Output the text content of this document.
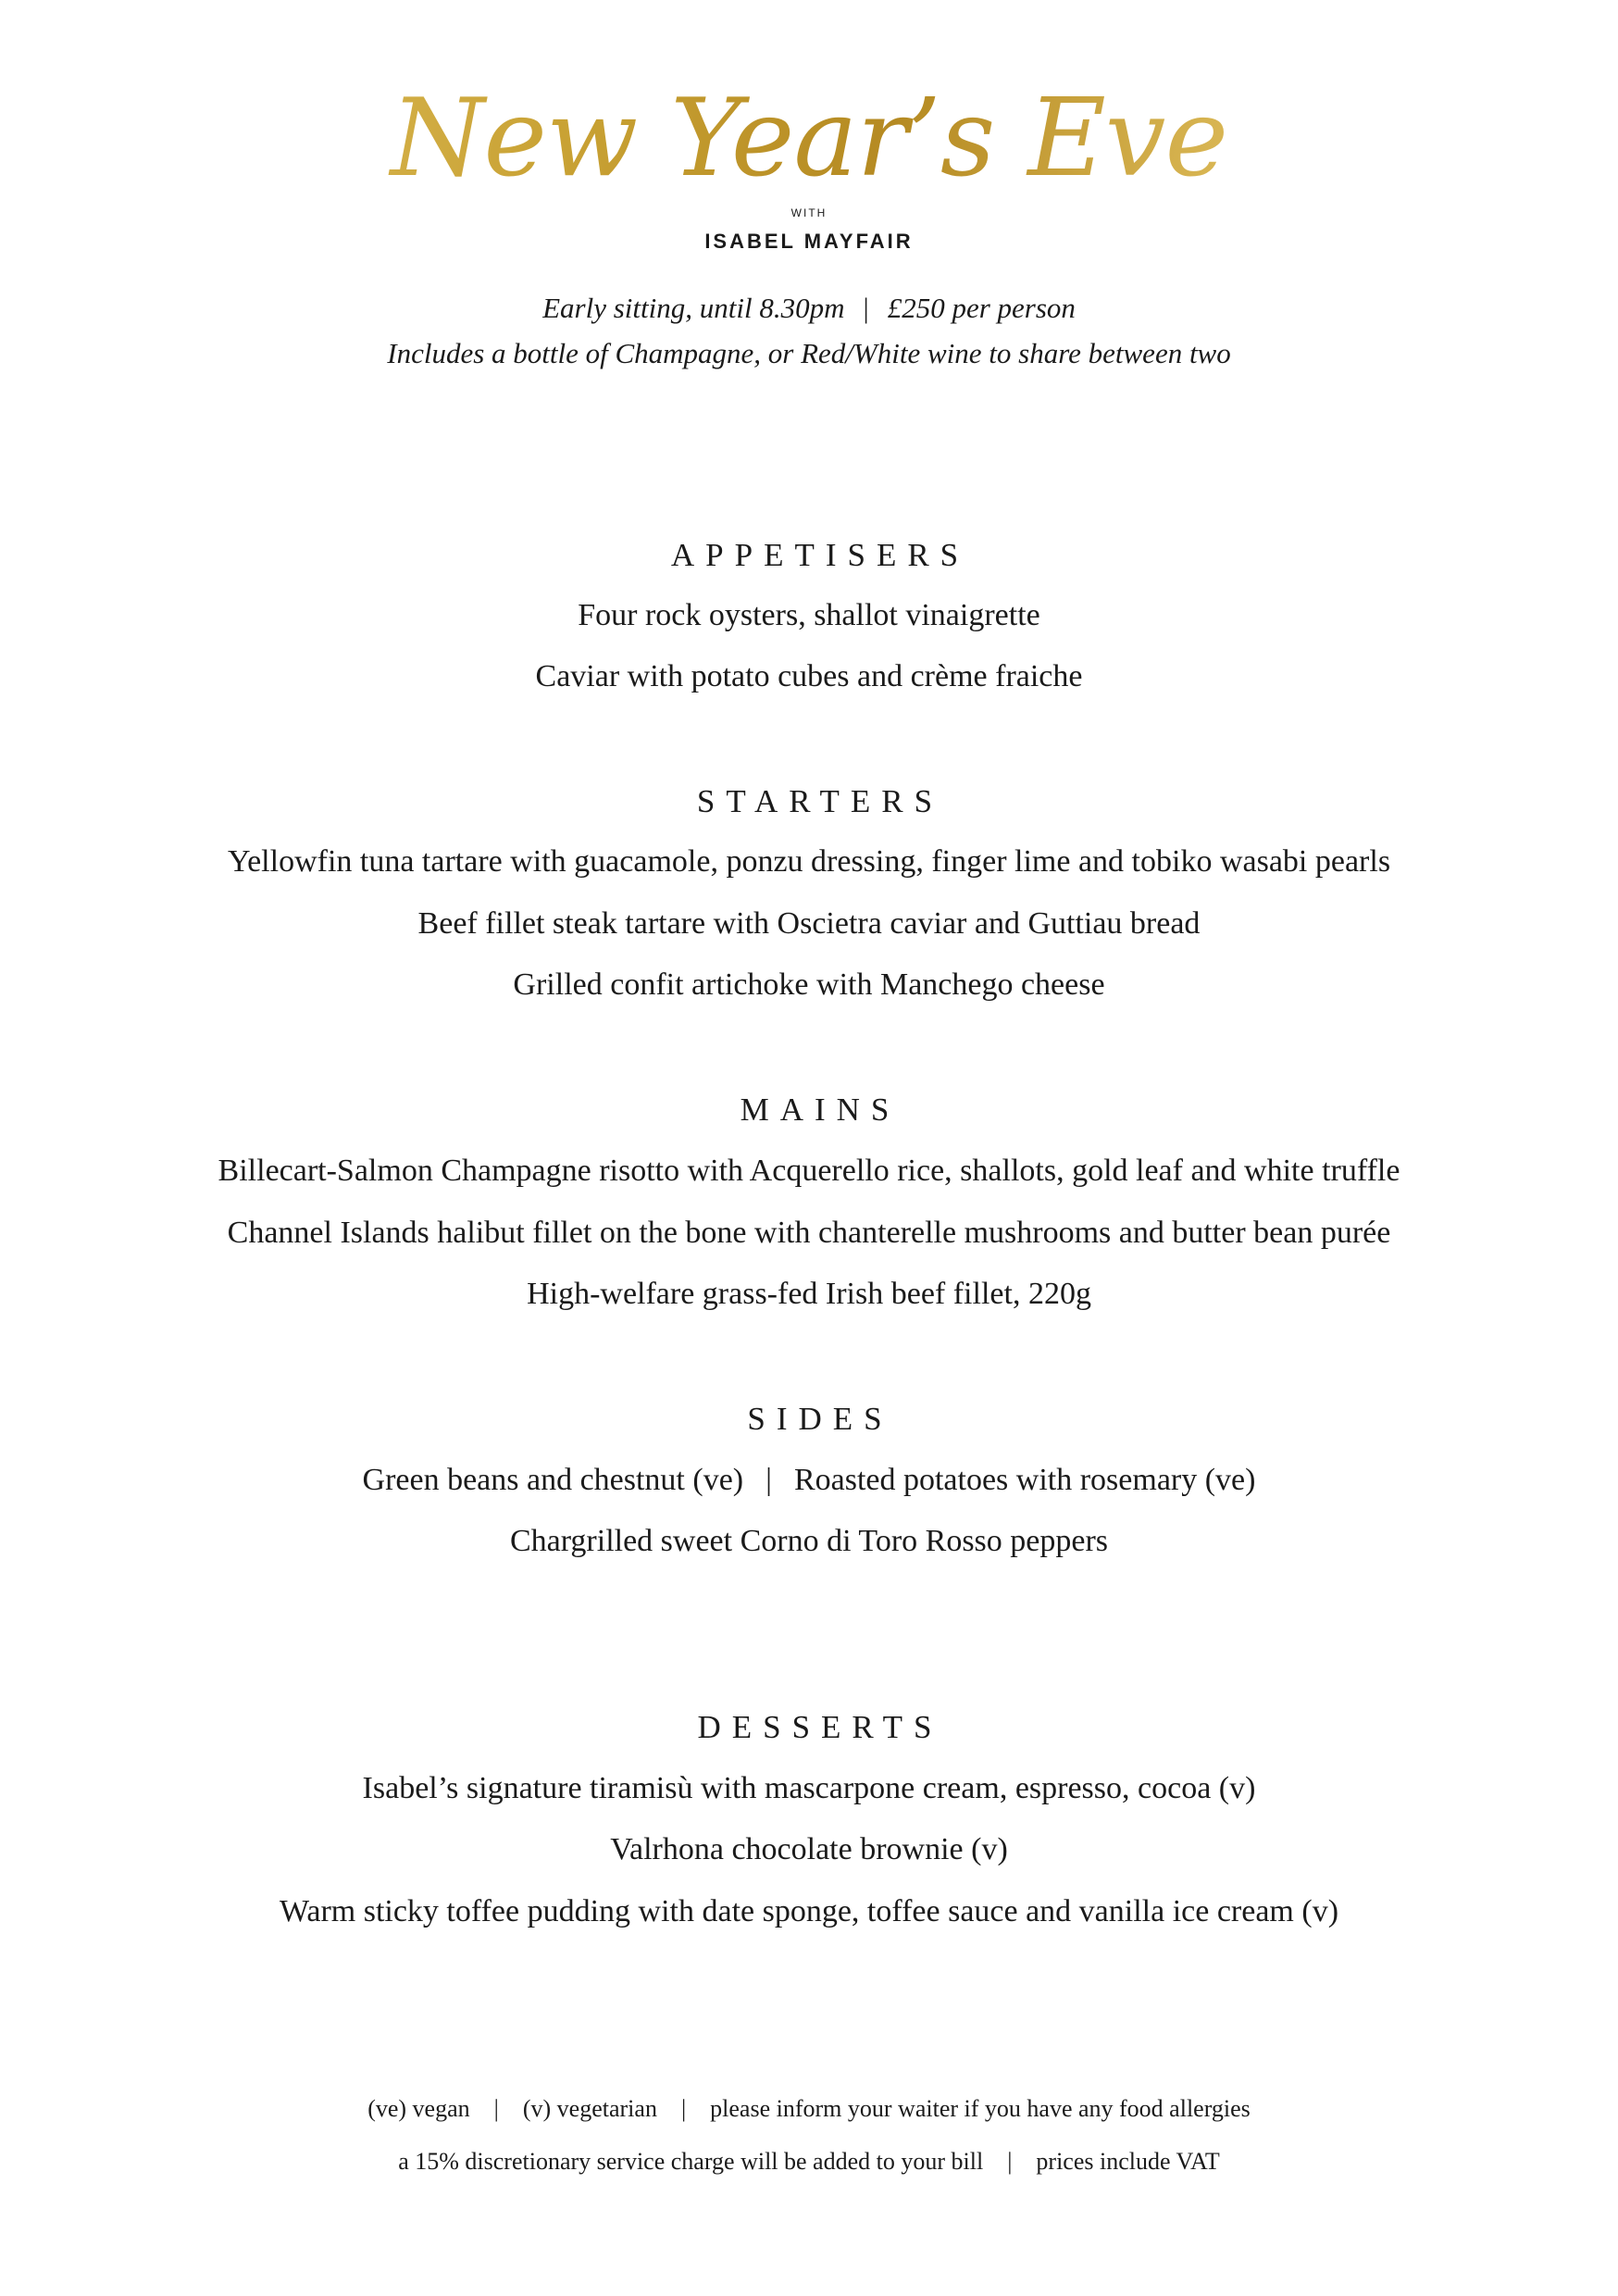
New Year’s Eve
WITH
ISABEL MAYFAIR
Early sitting, until 8.30pm | £250 per person
Includes a bottle of Champagne, or Red/White wine to share between two
APPETISERS
Four rock oysters, shallot vinaigrette
Caviar with potato cubes and crème fraiche
STARTERS
Yellowfin tuna tartare with guacamole, ponzu dressing, finger lime and tobiko wasabi pearls
Beef fillet steak tartare with Oscietra caviar and Guttiau bread
Grilled confit artichoke with Manchego cheese
MAINS
Billecart-Salmon Champagne risotto with Acquerello rice, shallots, gold leaf and white truffle
Channel Islands halibut fillet on the bone with chanterelle mushrooms and butter bean purée
High-welfare grass-fed Irish beef fillet, 220g
SIDES
Green beans and chestnut (ve) | Roasted potatoes with rosemary (ve)
Chargrilled sweet Corno di Toro Rosso peppers
DESSERTS
Isabel’s signature tiramisù with mascarpone cream, espresso, cocoa (v)
Valrhona chocolate brownie (v)
Warm sticky toffee pudding with date sponge, toffee sauce and vanilla ice cream (v)
(ve) vegan | (v) vegetarian | please inform your waiter if you have any food allergies
a 15% discretionary service charge will be added to your bill | prices include VAT
